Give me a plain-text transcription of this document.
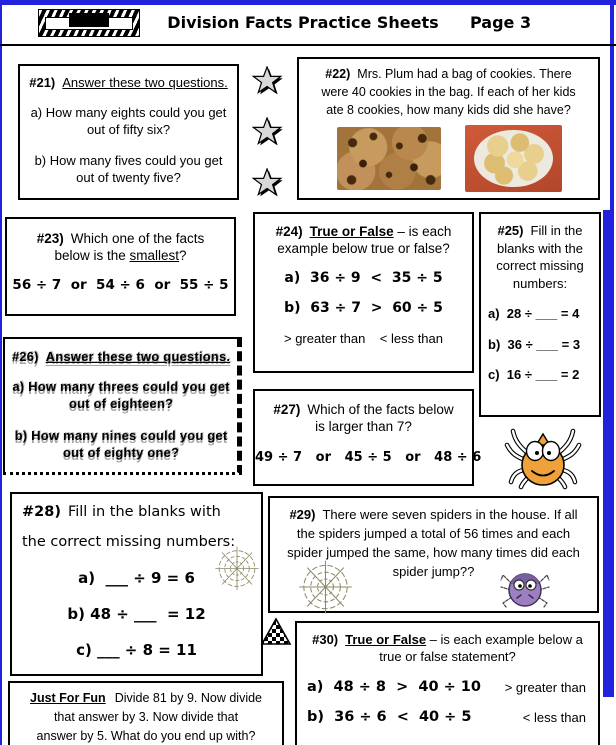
Division Facts Practice Sheets	Page 3
#21) Answer these two questions.
a) How many eights could you get
out of fifty six?
b) How many fives could you get
out of twenty five?
#22) Mrs. Plum had a bag of cookies. There
were 40 cookies in the bag. If each of her kids
ate 8 cookies, how many kids did she have?
#23) Which one of the facts
below is the smallest?
56 ÷ 7  or  54 ÷ 6  or  55 ÷ 5
#24) True or False – is each
example below true or false?
a)  36 ÷ 9  <  35 ÷ 5
b)  63 ÷ 7  >  60 ÷ 5
> greater than    < less than
#25) Fill in the
blanks with the
correct missing
numbers:
a)  28 ÷ ___ = 4
b)  36 ÷ ___ = 3
c)  16 ÷ ___ = 2
#26) Answer these two questions.
a) How many threes could you get
out of eighteen?
b) How many nines could you get
out of eighty one?
#27) Which of the facts below
is larger than 7?
49 ÷ 7   or   45 ÷ 5   or   48 ÷ 6
#28) Fill in the blanks with
the correct missing numbers:
a)  ___ ÷ 9 = 6
b) 48 ÷ ___  = 12
c) ___ ÷ 8 = 11
#29) There were seven spiders in the house. If all
the spiders jumped a total of 56 times and each
spider jumped the same, how many times did each
spider jump??
#30) True or False – is each example below a
true or false statement?
a)  48 ÷ 8  >  40 ÷ 10 > greater than
b)  36 ÷ 6  <  40 ÷ 5	< less than
Just For Fun Divide 81 by 9. Now divide
that answer by 3. Now divide that
answer by 5. What do you end up with?
